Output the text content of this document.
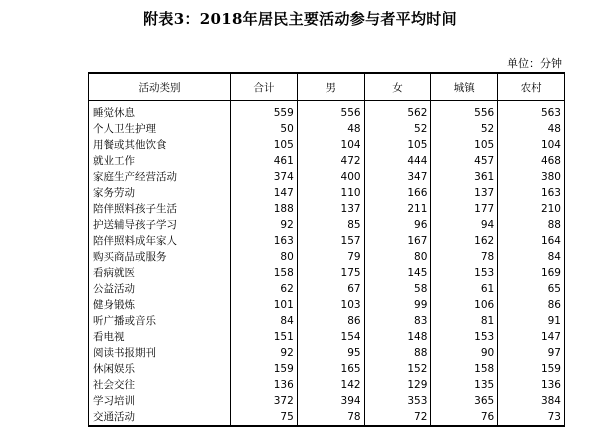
附表3：2018年居民主要活动参与者平均时间
单位：分钟
活动类别	合计	男	女	城镇	农村
睡觉休息	559	556	562	556	563
个人卫生护理	50	48	52	52	48
用餐或其他饮食	105	104	105	105	104
就业工作	461	472	444	457	468
家庭生产经营活动	374	400	347	361	380
家务劳动	147	110	166	137	163
陪伴照料孩子生活	188	137	211	177	210
护送辅导孩子学习	92	85	96	94	88
陪伴照料成年家人	163	157	167	162	164
购买商品或服务	80	79	80	78	84
看病就医	158	175	145	153	169
公益活动	62	67	58	61	65
健身锻炼	101	103	99	106	86
听广播或音乐	84	86	83	81	91
看电视	151	154	148	153	147
阅读书报期刊	92	95	88	90	97
休闲娱乐	159	165	152	158	159
社会交往	136	142	129	135	136
学习培训	372	394	353	365	384
交通活动	75	78	72	76	73
